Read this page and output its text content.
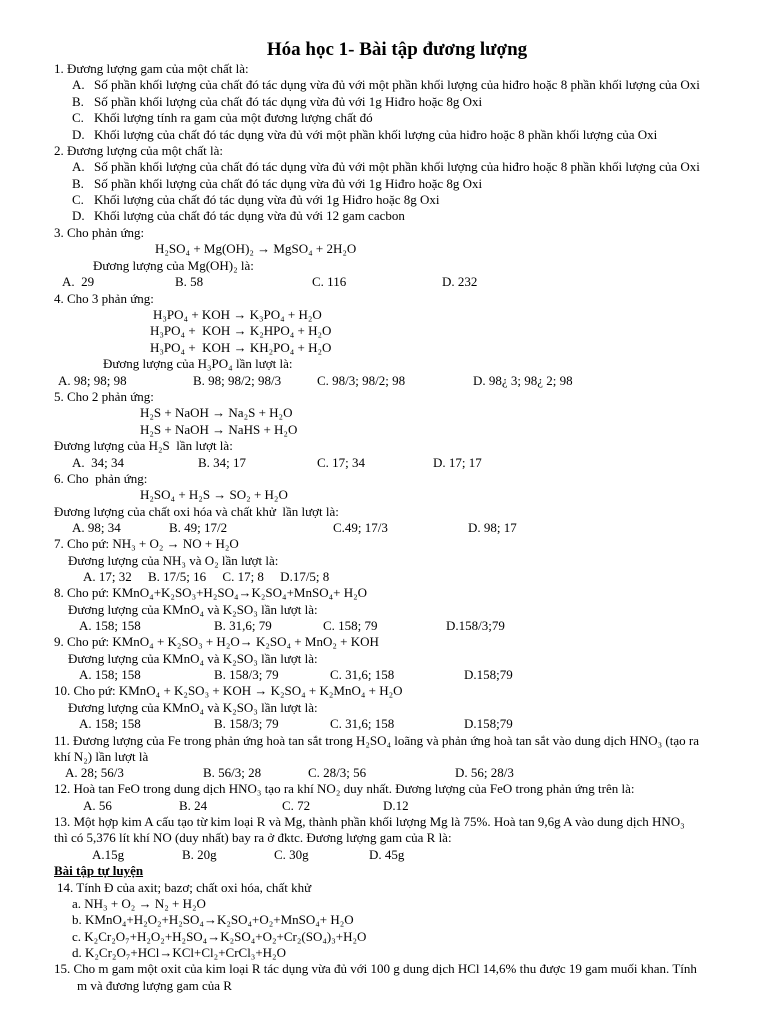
Hóa học 1- Bài tập đương lượng
1. Đương lượng gam của một chất là:
A. Số phần khối lượng của chất đó tác dụng vừa đủ với một phần khối lượng của hiđro hoặc 8 phần khối lượng của Oxi
B. Số phần khối lượng của chất đó tác dụng vừa đủ với 1g Hiđro hoặc 8g Oxi
C. Khối lượng tính ra gam của một đương lượng chất đó
D. Khối lượng của chất đó tác dụng vừa đủ với một phần khối lượng của hiđro hoặc 8 phần khối lượng của Oxi
2. Đương lượng của một chất là:
A. Số phần khối lượng của chất đó tác dụng vừa đủ với một phần khối lượng của hiđro hoặc 8 phần khối lượng của Oxi
B. Số phần khối lượng của chất đó tác dụng vừa đủ với 1g Hiđro hoặc 8g Oxi
C. Khối lượng của chất đó tác dụng vừa đủ với 1g Hiđro hoặc 8g Oxi
D. Khối lượng của chất đó tác dụng vừa đủ với 12 gam cacbon
3. Cho phản ứng:
H₂SO₄ + Mg(OH)₂ → MgSO₄ + 2H₂O
Đương lượng của Mg(OH)₂ là:
A.  29	B. 58	C. 116	D. 232
4. Cho 3 phản ứng:
H₃PO₄ + KOH → K₃PO₄ + H₂O
H₃PO₄ +  KOH → K₂HPO₄ + H₂O
H₃PO₄ +  KOH → KH₂PO₄ + H₂O
Đương lượng của H₃PO₄ lần lượt là:
A. 98; 98; 98	B. 98; 98/2; 98/3	C. 98/3; 98/2; 98	D. 98¿ 3; 98¿ 2; 98
5. Cho 2 phản ứng:
H₂S + NaOH → Na₂S + H₂O
H₂S + NaOH → NaHS + H₂O
Đương lượng của H₂S  lần lượt là:
A.  34; 34	B. 34; 17	C. 17; 34	D. 17; 17
6. Cho  phản ứng:
H₂SO₄ + H₂S → SO₂ + H₂O
Đương lượng của chất oxi hóa và chất khử  lần lượt là:
A. 98; 34	B. 49; 17/2	C.49; 17/3	D. 98; 17
7. Cho pứ: NH₃ + O₂ → NO + H₂O
Đương lượng của NH₃ và O₂ lần lượt là:
A. 17; 32     B. 17/5; 16     C. 17; 8     D.17/5; 8
8. Cho pứ: KMnO₄+K₂SO₃+H₂SO₄→K₂SO₄+MnSO₄+ H₂O
Đương lượng của KMnO₄ và K₂SO₃ lần lượt là:
A. 158; 158	B. 31,6; 79	C. 158; 79	D.158/3;79
9. Cho pứ: KMnO₄ + K₂SO₃ + H₂O→ K₂SO₄ + MnO₂ + KOH
Đương lượng của KMnO₄ và K₂SO₃ lần lượt là:
A. 158; 158	B. 158/3; 79	C. 31,6; 158	D.158;79
10. Cho pứ: KMnO₄ + K₂SO₃ + KOH → K₂SO₄ + K₂MnO₄ + H₂O
Đương lượng của KMnO₄ và K₂SO₃ lần lượt là:
A. 158; 158	B. 158/3; 79	C. 31,6; 158	D.158;79
11. Đương lượng của Fe trong phản ứng hoà tan sắt trong H₂SO₄ loãng và phản ứng hoà tan sắt vào dung dịch HNO₃ (tạo ra
khí N₂) lần lượt là
A. 28; 56/3	B. 56/3; 28	C. 28/3; 56	D. 56; 28/3
12. Hoà tan FeO trong dung dịch HNO₃ tạo ra khí NO₂ duy nhất. Đương lượng của FeO trong phản ứng trên là:
A. 56	B. 24	C. 72	D.12
13. Một hợp kim A cấu tạo từ kim loại R và Mg, thành phần khối lượng Mg là 75%. Hoà tan 9,6g A vào dung dịch HNO₃
thì có 5,376 lít khí NO (duy nhất) bay ra ở đktc. Đương lượng gam của R là:
A.15g	B. 20g	C. 30g	D. 45g
Bài tập tự luyện
14. Tính Đ của axit; bazơ; chất oxi hóa, chất khử
a. NH₃ + O₂ → N₂ + H₂O
b. KMnO₄+H₂O₂+H₂SO₄→K₂SO₄+O₂+MnSO₄+ H₂O
c. K₂Cr₂O₇+H₂O₂+H₂SO₄→K₂SO₄+O₂+Cr₂(SO₄)₃+H₂O
d. K₂Cr₂O₇+HCl→KCl+Cl₂+CrCl₃+H₂O
15. Cho m gam một oxit của kim loại R tác dụng vừa đủ với 100 g dung dịch HCl 14,6% thu được 19 gam muối khan. Tính
m và đương lượng gam của R
